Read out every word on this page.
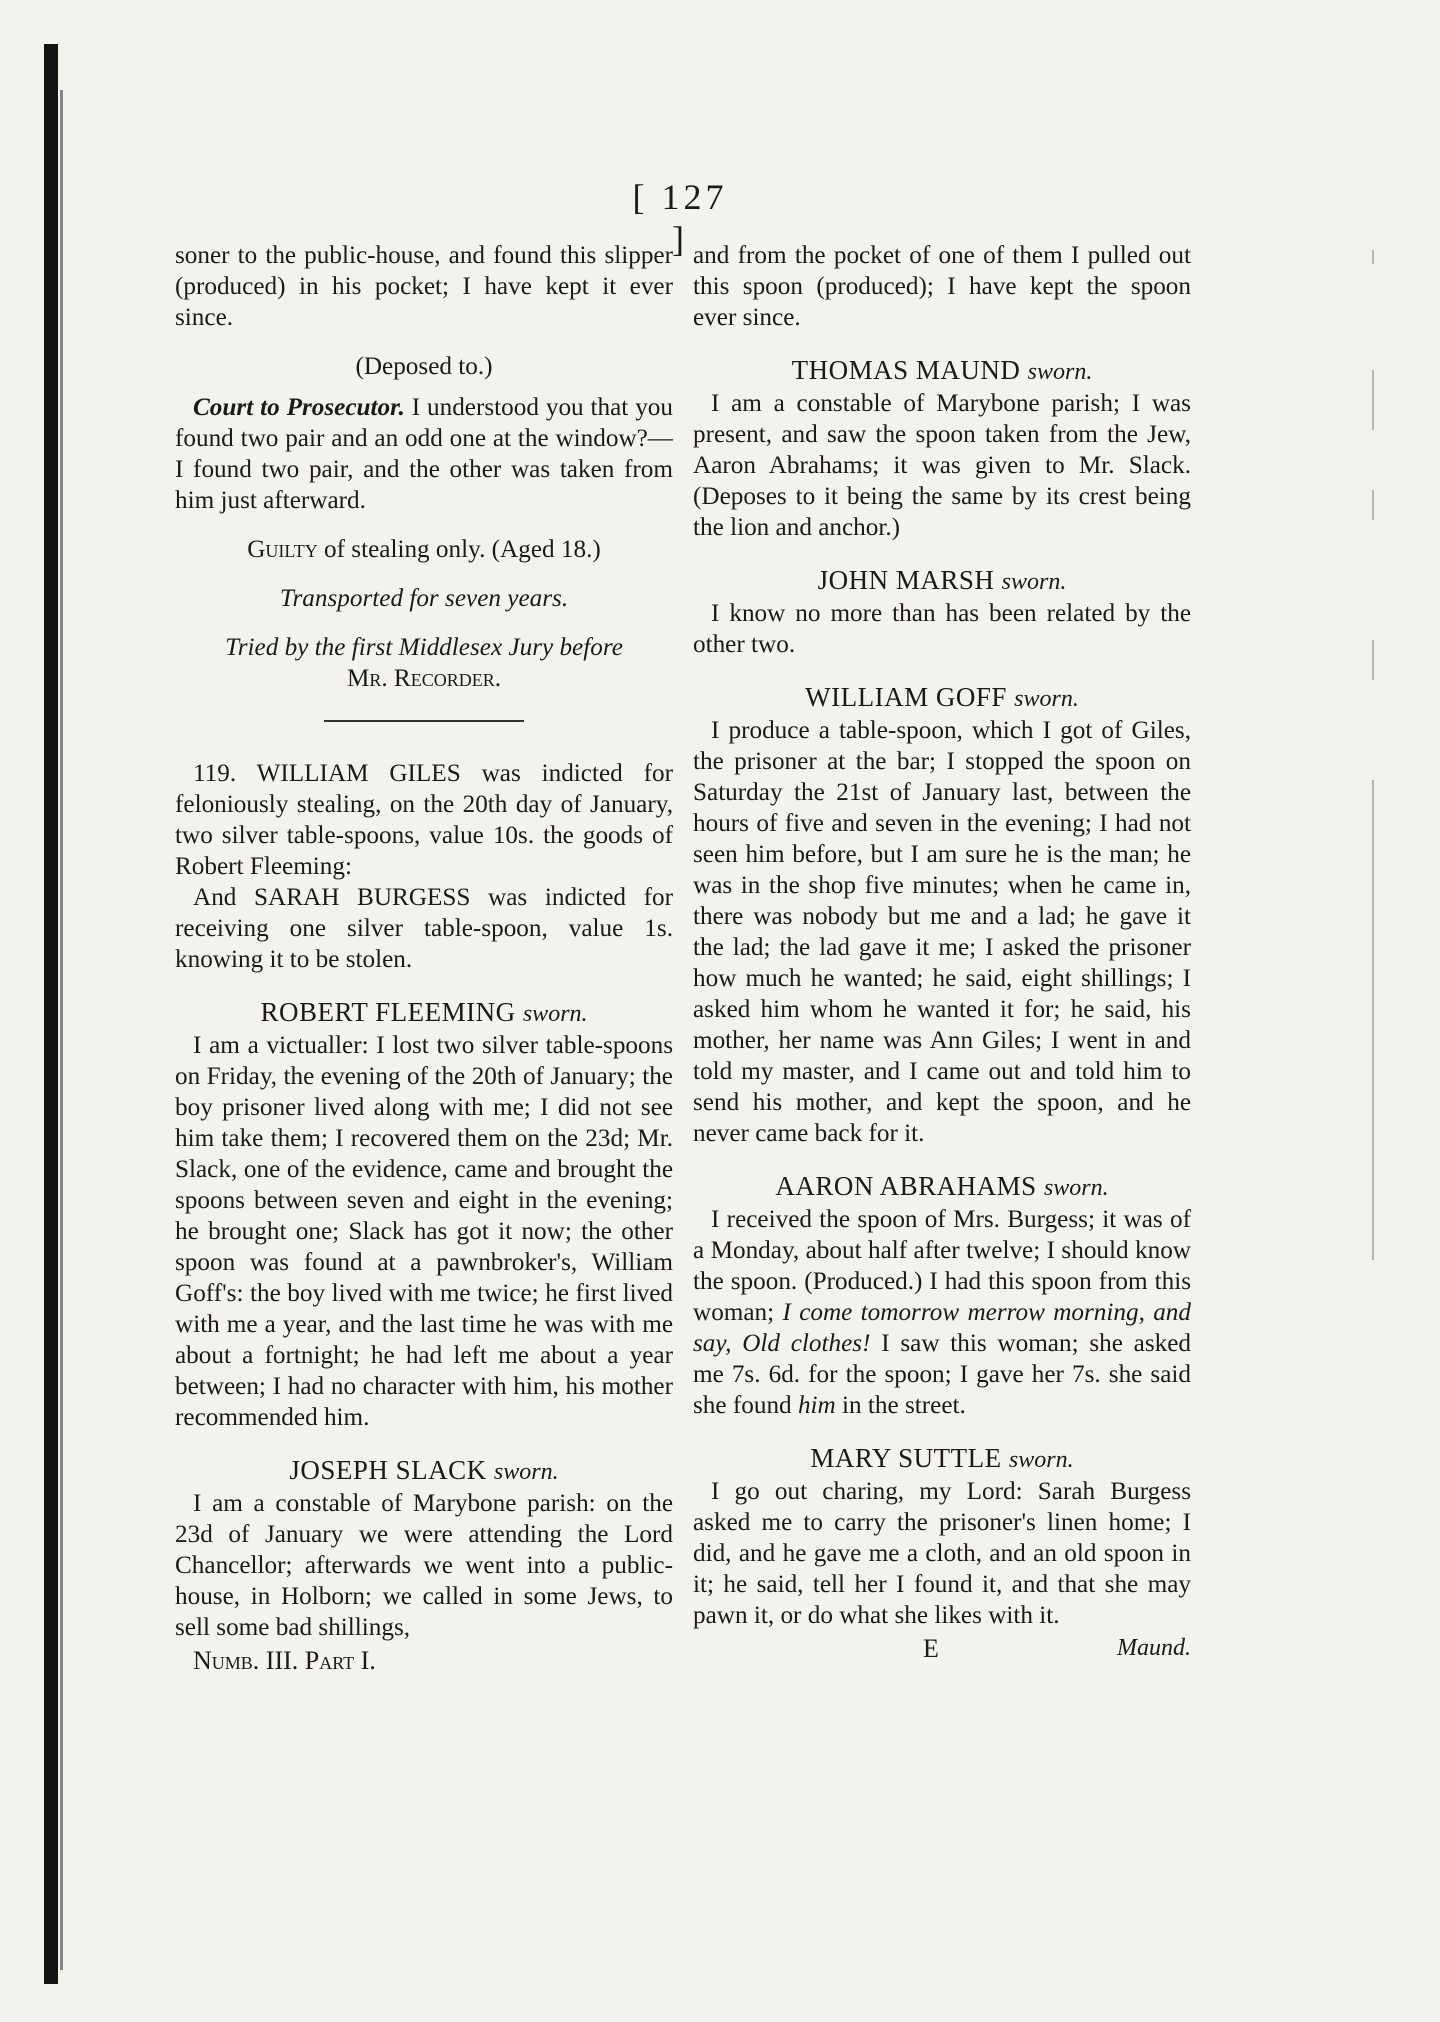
[ 127 ]

soner to the public-house, and found this slipper (produced) in his pocket; I have kept it ever since.

(Deposed to.)

Court to Prosecutor. I understood you that you found two pair and an odd one at the window?—I found two pair, and the other was taken from him just afterward.

Guilty of stealing only. (Aged 18.)

Transported for seven years.

Tried by the first Middlesex Jury before

Mr. Recorder.

119. WILLIAM GILES was indicted for feloniously stealing, on the 20th day of January, two silver table-spoons, value 10s. the goods of Robert Fleeming:

And SARAH BURGESS was indicted for receiving one silver table-spoon, value 1s. knowing it to be stolen.

ROBERT FLEEMING sworn.

I am a victualler: I lost two silver table-spoons on Friday, the evening of the 20th of January; the boy prisoner lived along with me; I did not see him take them; I recovered them on the 23d; Mr. Slack, one of the evidence, came and brought the spoons between seven and eight in the evening; he brought one; Slack has got it now; the other spoon was found at a pawnbroker's, William Goff's: the boy lived with me twice; he first lived with me a year, and the last time he was with me about a fortnight; he had left me about a year between; I had no character with him, his mother recommended him.

JOSEPH SLACK sworn.

I am a constable of Marybone parish: on the 23d of January we were attending the Lord Chancellor; afterwards we went into a public-house, in Holborn; we called in some Jews, to sell some bad shillings,

Numb. III. Part I.

and from the pocket of one of them I pulled out this spoon (produced); I have kept the spoon ever since.

THOMAS MAUND sworn.

I am a constable of Marybone parish; I was present, and saw the spoon taken from the Jew, Aaron Abrahams; it was given to Mr. Slack. (Deposes to it being the same by its crest being the lion and anchor.)

JOHN MARSH sworn.

I know no more than has been related by the other two.

WILLIAM GOFF sworn.

I produce a table-spoon, which I got of Giles, the prisoner at the bar; I stopped the spoon on Saturday the 21st of January last, between the hours of five and seven in the evening; I had not seen him before, but I am sure he is the man; he was in the shop five minutes; when he came in, there was nobody but me and a lad; he gave it the lad; the lad gave it me; I asked the prisoner how much he wanted; he said, eight shillings; I asked him whom he wanted it for; he said, his mother, her name was Ann Giles; I went in and told my master, and I came out and told him to send his mother, and kept the spoon, and he never came back for it.

AARON ABRAHAMS sworn.

I received the spoon of Mrs. Burgess; it was of a Monday, about half after twelve; I should know the spoon. (Produced.) I had this spoon from this woman; I come tomorrow merrow morning, and say, Old clothes! I saw this woman; she asked me 7s. 6d. for the spoon; I gave her 7s. she said she found him in the street.

MARY SUTTLE sworn.

I go out charing, my Lord: Sarah Burgess asked me to carry the prisoner's linen home; I did, and he gave me a cloth, and an old spoon in it; he said, tell her I found it, and that she may pawn it, or do what she likes with it.

E	Maund.
